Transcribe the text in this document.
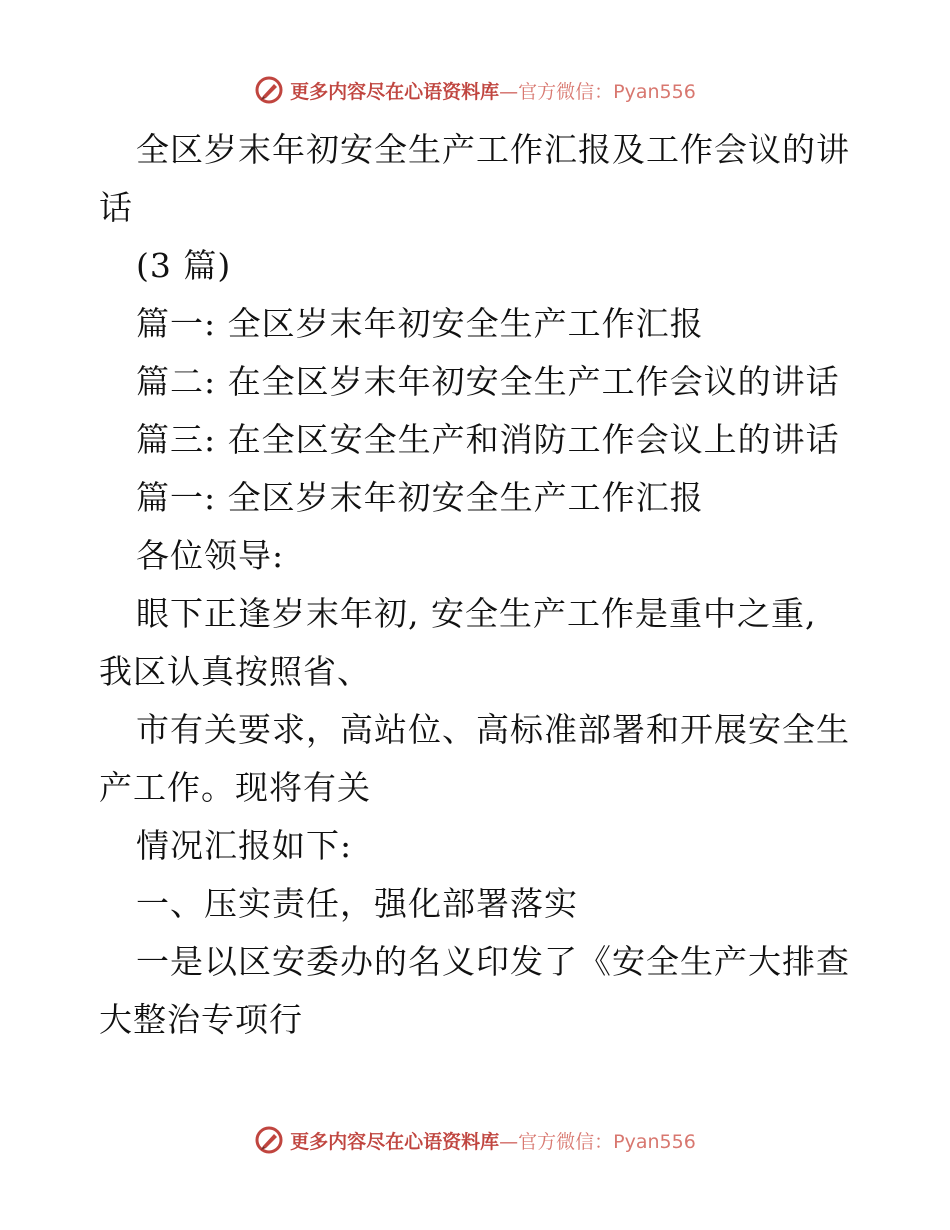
更多内容尽在心语资料库—官方微信：Pyan556

全区岁末年初安全生产工作汇报及工作会议的讲话

(3 篇)

篇一: 全区岁末年初安全生产工作汇报

篇二: 在全区岁末年初安全生产工作会议的讲话

篇三: 在全区安全生产和消防工作会议上的讲话

篇一: 全区岁末年初安全生产工作汇报

各位领导:

眼下正逢岁末年初, 安全生产工作是重中之重, 我区认真按照省、

市有关要求，高站位、高标准部署和开展安全生产工作。现将有关

情况汇报如下:

一、压实责任，强化部署落实

一是以区安委办的名义印发了《安全生产大排查大整治专项行

更多内容尽在心语资料库—官方微信：Pyan556
